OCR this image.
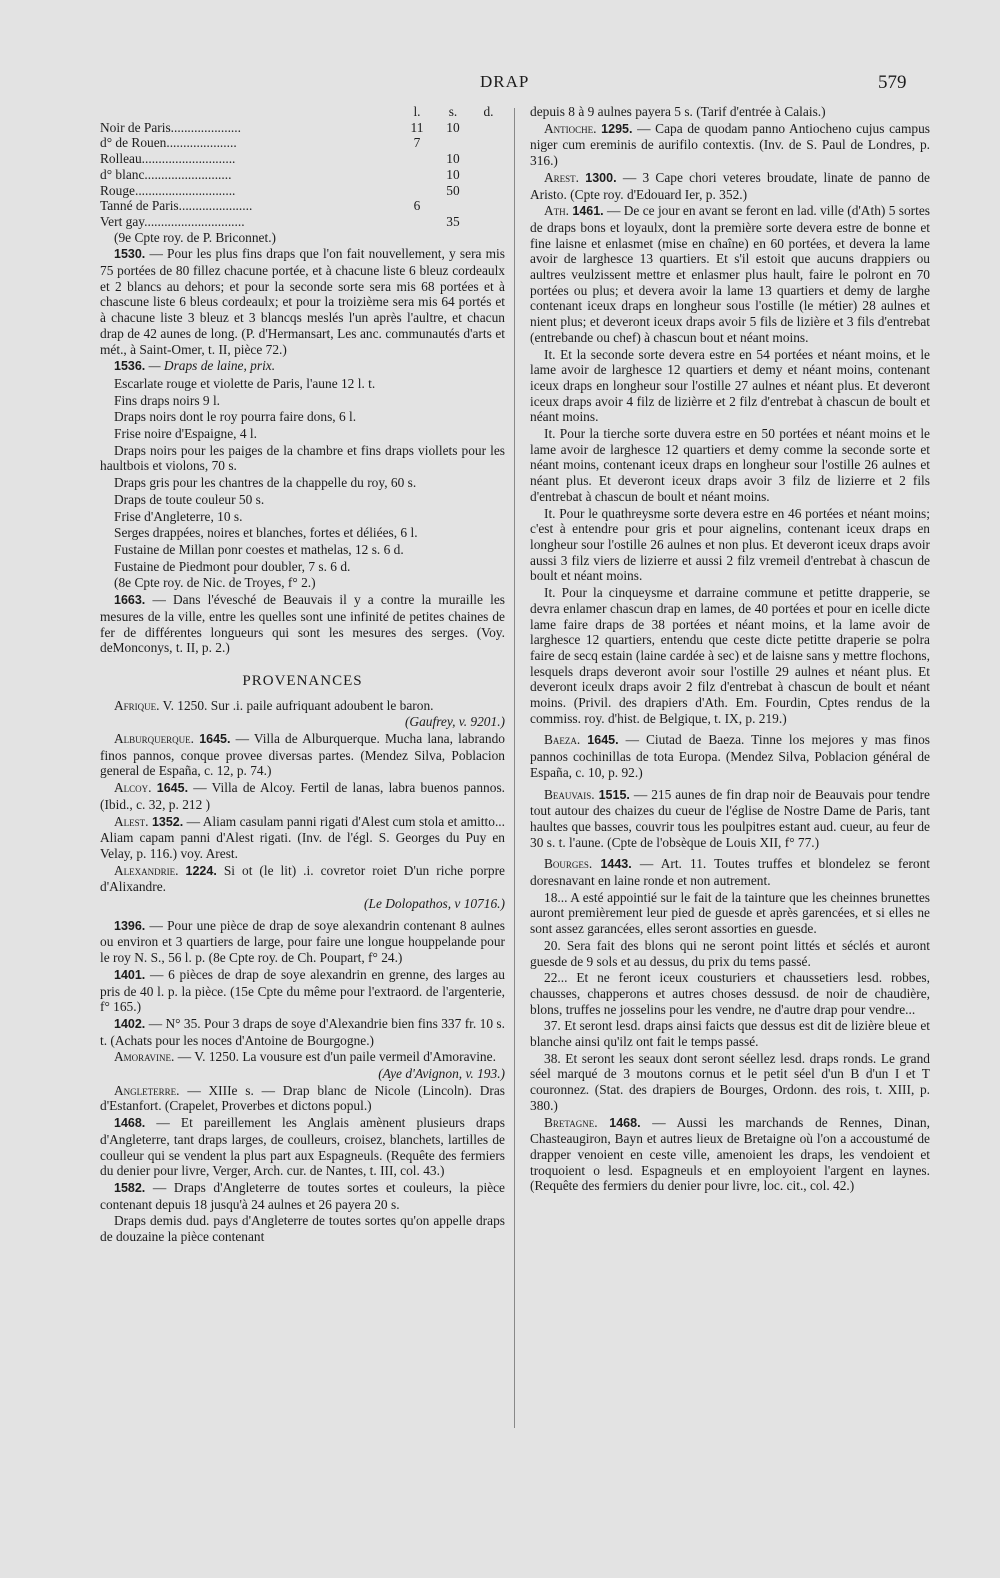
DRAP	579
	l.	s.	d.
Noir de Paris.....................	11	10	
d° de Rouen.....................	7		
Rolleau............................		10	
d° blanc..........................		10	
Rouge..............................		50	
Tanné de Paris......................	6		
Vert gay..............................		35	

(9e Cpte roy. de P. Briconnet.)

1530. — Pour les plus fins draps que l'on fait nouvellement, y sera mis 75 portées de 80 fillez chacune portée, et à chacune liste 6 bleuz cordeaulx et 2 blancs au dehors; et pour la seconde sorte sera mis 68 portées et à chascune liste 6 bleus cordeaulx; et pour la troizième sera mis 64 portés et à chacune liste 3 bleuz et 3 blancqs meslés l'un après l'aultre, et chacun drap de 42 aunes de long. (P. d'Hermansart, Les anc. communautés d'arts et mét., à Saint-Omer, t. II, pièce 72.)

1536. — Draps de laine, prix.

Escarlate rouge et violette de Paris, l'aune 12 l. t.

Fins draps noirs 9 l.

Draps noirs dont le roy pourra faire dons, 6 l.

Frise noire d'Espaigne, 4 l.

Draps noirs pour les paiges de la chambre et fins draps viollets pour les haultbois et violons, 70 s.

Draps gris pour les chantres de la chappelle du roy, 60 s.

Draps de toute couleur 50 s.

Frise d'Angleterre, 10 s.

Serges drappées, noires et blanches, fortes et déliées, 6 l.

Fustaine de Millan ponr coestes et mathelas, 12 s. 6 d.

Fustaine de Piedmont pour doubler, 7 s. 6 d.

(8e Cpte roy. de Nic. de Troyes, f° 2.)

1663. — Dans l'évesché de Beauvais il y a contre la muraille les mesures de la ville, entre les quelles sont une infinité de petites chaines de fer de différentes longueurs qui sont les mesures des serges. (Voy. deMonconys, t. II, p. 2.)

PROVENANCES

Afrique. V. 1250. Sur .i. paile aufriquant adoubent le baron.

(Gaufrey, v. 9201.)

Alburquerque. 1645. — Villa de Alburquerque. Mucha lana, labrando finos pannos, conque provee diversas partes. (Mendez Silva, Poblacion general de España, c. 12, p. 74.)

Alcoy. 1645. — Villa de Alcoy. Fertil de lanas, labra buenos pannos. (Ibid., c. 32, p. 212 )

Alest. 1352. — Aliam casulam panni rigati d'Alest cum stola et amitto... Aliam capam panni d'Alest rigati. (Inv. de l'égl. S. Georges du Puy en Velay, p. 116.) voy. Arest.

Alexandrie. 1224. Si ot (le lit) .i. covretor roiet D'un riche porpre d'Alixandre.

(Le Dolopathos, v 10716.)

1396. — Pour une pièce de drap de soye alexandrin contenant 8 aulnes ou environ et 3 quartiers de large, pour faire une longue houppelande pour le roy N. S., 56 l. p. (8e Cpte roy. de Ch. Poupart, f° 24.)

1401. — 6 pièces de drap de soye alexandrin en grenne, des larges au pris de 40 l. p. la pièce. (15e Cpte du même pour l'extraord. de l'argenterie, f° 165.)

1402. — N° 35. Pour 3 draps de soye d'Alexandrie bien fins 337 fr. 10 s. t. (Achats pour les noces d'Antoine de Bourgogne.)

Amoravine. — V. 1250. La vousure est d'un paile vermeil d'Amoravine.

(Aye d'Avignon, v. 193.)

Angleterre. — XIIIe s. — Drap blanc de Nicole (Lincoln). Dras d'Estanfort. (Crapelet, Proverbes et dictons popul.)

1468. — Et pareillement les Anglais amènent plusieurs draps d'Angleterre, tant draps larges, de coulleurs, croisez, blanchets, lartilles de coulleur qui se vendent la plus part aux Espagneuls. (Requête des fermiers du denier pour livre, Verger, Arch. cur. de Nantes, t. III, col. 43.)

1582. — Draps d'Angleterre de toutes sortes et couleurs, la pièce contenant depuis 18 jusqu'à 24 aulnes et 26 payera 20 s.

Draps demis dud. pays d'Angleterre de toutes sortes qu'on appelle draps de douzaine la pièce contenant

depuis 8 à 9 aulnes payera 5 s. (Tarif d'entrée à Calais.)

Antioche. 1295. — Capa de quodam panno Antiocheno cujus campus niger cum ereminis de aurifilo contextis. (Inv. de S. Paul de Londres, p. 316.)

Arest. 1300. — 3 Cape chori veteres broudate, linate de panno de Aristo. (Cpte roy. d'Edouard Ier, p. 352.)

Ath. 1461. — De ce jour en avant se feront en lad. ville (d'Ath) 5 sortes de draps bons et loyaulx, dont la première sorte devera estre de bonne et fine laisne et enlasmet (mise en chaîne) en 60 portées, et devera la lame avoir de larghesce 13 quartiers. Et s'il estoit que aucuns drappiers ou aultres veulzissent mettre et enlasmer plus hault, faire le polront en 70 portées ou plus; et devera avoir la lame 13 quartiers et demy de larghe contenant iceux draps en longheur sous l'ostille (le métier) 28 aulnes et nient plus; et deveront iceux draps avoir 5 fils de lizière et 3 fils d'entrebat (entrebande ou chef) à chascun bout et néant moins.

It. Et la seconde sorte devera estre en 54 portées et néant moins, et le lame avoir de larghesce 12 quartiers et demy et néant moins, contenant iceux draps en longheur sour l'ostille 27 aulnes et néant plus. Et deveront iceux draps avoir 4 filz de lizièrre et 2 filz d'entrebat à chascun de boult et néant moins.

It. Pour la tierche sorte duvera estre en 50 portées et néant moins et le lame avoir de larghesce 12 quartiers et demy comme la seconde sorte et néant moins, contenant iceux draps en longheur sour l'ostille 26 aulnes et néant plus. Et deveront iceux draps avoir 3 filz de lizierre et 2 fils d'entrebat à chascun de boult et néant moins.

It. Pour le quathreysme sorte devera estre en 46 portées et néant moins; c'est à entendre pour gris et pour aignelins, contenant iceux draps en longheur sour l'ostille 26 aulnes et non plus. Et deveront iceux draps avoir aussi 3 filz viers de lizierre et aussi 2 filz vremeil d'entrebat à chascun de boult et néant moins.

It. Pour la cinqueysme et darraine commune et petitte drapperie, se devra enlamer chascun drap en lames, de 40 portées et pour en icelle dicte lame faire draps de 38 portées et néant moins, et la lame avoir de larghesce 12 quartiers, entendu que ceste dicte petitte draperie se polra faire de secq estain (laine cardée à sec) et de laisne sans y mettre flochons, lesquels draps deveront avoir sour l'ostille 29 aulnes et néant plus. Et deveront iceulx draps avoir 2 filz d'entrebat à chascun de boult et néant moins. (Privil. des drapiers d'Ath. Em. Fourdin, Cptes rendus de la commiss. roy. d'hist. de Belgique, t. IX, p. 219.)

Baeza. 1645. — Ciutad de Baeza. Tinne los mejores y mas finos pannos cochinillas de tota Europa. (Mendez Silva, Poblacion général de España, c. 10, p. 92.)

Beauvais. 1515. — 215 aunes de fin drap noir de Beauvais pour tendre tout autour des chaizes du cueur de l'église de Nostre Dame de Paris, tant haultes que basses, couvrir tous les poulpitres estant aud. cueur, au feur de 30 s. t. l'aune. (Cpte de l'obsèque de Louis XII, f° 77.)

Bourges. 1443. — Art. 11. Toutes truffes et blondelez se feront doresnavant en laine ronde et non autrement.

18... A esté appointié sur le fait de la tainture que les cheinnes brunettes auront premièrement leur pied de guesde et après garencées, et si elles ne sont assez garancées, elles seront assorties en guesde.

20. Sera fait des blons qui ne seront point littés et séclés et auront guesde de 9 sols et au dessus, du prix du tems passé.

22... Et ne feront iceux cousturiers et chaussetiers lesd. robbes, chausses, chapperons et autres choses dessusd. de noir de chaudière, blons, truffes ne josselins pour les vendre, ne d'autre drap pour vendre...

37. Et seront lesd. draps ainsi faicts que dessus est dit de lizière bleue et blanche ainsi qu'ilz ont fait le temps passé.

38. Et seront les seaux dont seront séellez lesd. draps ronds. Le grand séel marqué de 3 moutons cornus et le petit séel d'un B d'un I et T couronnez. (Stat. des drapiers de Bourges, Ordonn. des rois, t. XIII, p. 380.)

Bretagne. 1468. — Aussi les marchands de Rennes, Dinan, Chasteaugiron, Bayn et autres lieux de Bretaigne où l'on a accoustumé de drapper venoient en ceste ville, amenoient les draps, les vendoient et troquoient o lesd. Espagneuls et en employoient l'argent en laynes. (Requête des fermiers du denier pour livre, loc. cit., col. 42.)
